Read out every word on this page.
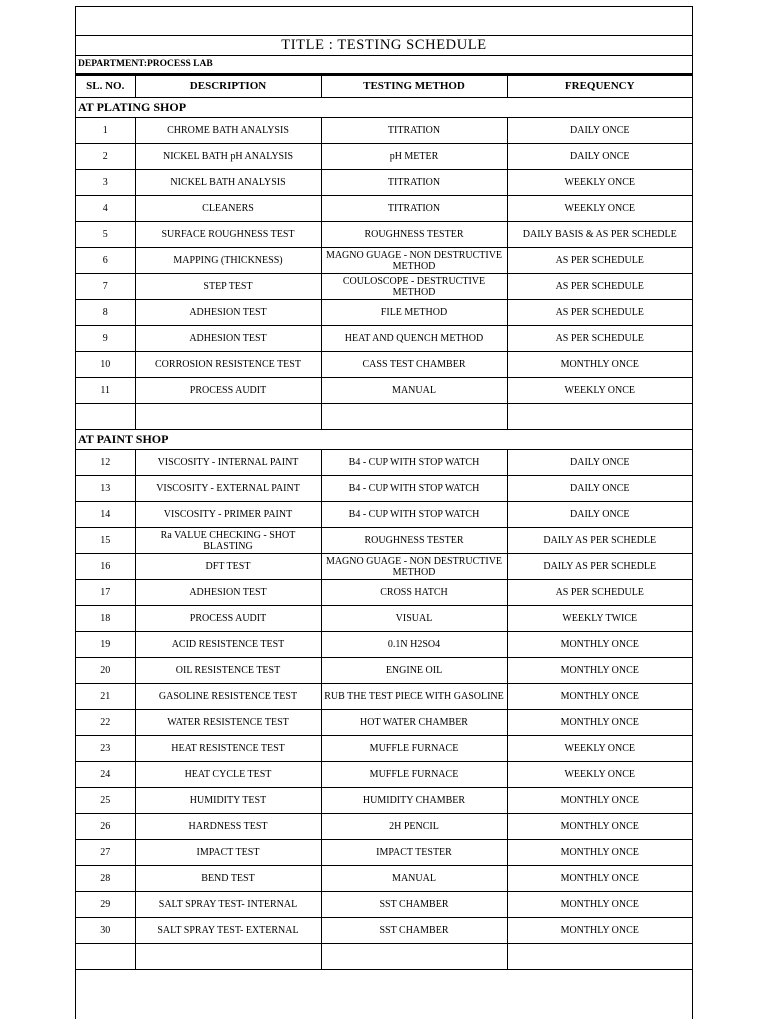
TITLE : TESTING SCHEDULE
DEPARTMENT:PROCESS LAB
SL. NO.	DESCRIPTION	TESTING METHOD	FREQUENCY
AT PLATING SHOP			
1	CHROME BATH ANALYSIS	TITRATION	DAILY ONCE
2	NICKEL BATH pH ANALYSIS	pH METER	DAILY ONCE
3	NICKEL BATH ANALYSIS	TITRATION	WEEKLY ONCE
4	CLEANERS	TITRATION	WEEKLY ONCE
5	SURFACE ROUGHNESS TEST	ROUGHNESS TESTER	DAILY BASIS & AS PER SCHEDLE
6	MAPPING (THICKNESS)	MAGNO GUAGE - NON DESTRUCTIVE METHOD	AS PER SCHEDULE
7	STEP TEST	COULOSCOPE - DESTRUCTIVE METHOD	AS PER SCHEDULE
8	ADHESION TEST	FILE METHOD	AS PER SCHEDULE
9	ADHESION TEST	HEAT AND QUENCH METHOD	AS PER SCHEDULE
10	CORROSION RESISTENCE TEST	CASS TEST CHAMBER	MONTHLY ONCE
11	PROCESS AUDIT	MANUAL	WEEKLY ONCE

AT PAINT SHOP			
12	VISCOSITY - INTERNAL PAINT	B4 - CUP WITH STOP WATCH	DAILY ONCE
13	VISCOSITY - EXTERNAL PAINT	B4 - CUP WITH STOP WATCH	DAILY ONCE
14	VISCOSITY - PRIMER PAINT	B4 - CUP WITH STOP WATCH	DAILY ONCE
15	Ra VALUE CHECKING - SHOT BLASTING	ROUGHNESS TESTER	DAILY AS PER SCHEDLE
16	DFT TEST	MAGNO GUAGE - NON DESTRUCTIVE METHOD	DAILY AS PER SCHEDLE
17	ADHESION TEST	CROSS HATCH	AS PER SCHEDULE
18	PROCESS AUDIT	VISUAL	WEEKLY TWICE
19	ACID RESISTENCE TEST	0.1N H2SO4	MONTHLY ONCE
20	OIL RESISTENCE TEST	ENGINE OIL	MONTHLY ONCE
21	GASOLINE RESISTENCE TEST	RUB THE TEST PIECE WITH GASOLINE	MONTHLY ONCE
22	WATER RESISTENCE TEST	HOT WATER CHAMBER	MONTHLY ONCE
23	HEAT RESISTENCE TEST	MUFFLE FURNACE	WEEKLY ONCE
24	HEAT CYCLE TEST	MUFFLE FURNACE	WEEKLY ONCE
25	HUMIDITY TEST	HUMIDITY CHAMBER	MONTHLY ONCE
26	HARDNESS TEST	2H PENCIL	MONTHLY ONCE
27	IMPACT TEST	IMPACT TESTER	MONTHLY ONCE
28	BEND TEST	MANUAL	MONTHLY ONCE
29	SALT SPRAY TEST- INTERNAL	SST CHAMBER	MONTHLY ONCE
30	SALT SPRAY TEST- EXTERNAL	SST CHAMBER	MONTHLY ONCE
